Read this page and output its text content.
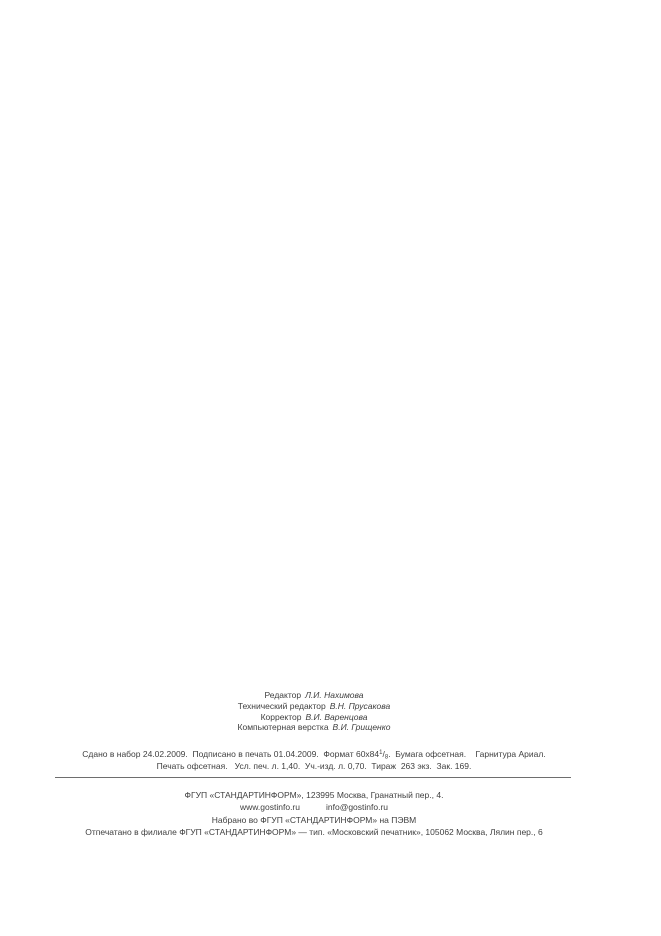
Редактор Л.И. Нахимова
Технический редактор В.Н. Прусакова
Корректор В.И. Варенцова
Компьютерная верстка В.И. Грищенко
Сдано в набор 24.02.2009.  Подписано в печать 01.04.2009.  Формат $60х84^1/_8$.  Бумага офсетная.    Гарнитура Ариал.
Печать офсетная.   Усл. печ. л. 1,40.  Уч.-изд. л. 0,70.  Тираж  263 экз.  Зак. 169.
ФГУП «СТАНДАРТИНФОРМ», 123995 Москва, Гранатный пер., 4.
www.gostinfo.ru	info@gostinfo.ru
Набрано во ФГУП «СТАНДАРТИНФОРМ» на ПЭВМ
Отпечатано в филиале ФГУП «СТАНДАРТИНФОРМ» — тип. «Московский печатник», 105062 Москва, Лялин пер., 6
